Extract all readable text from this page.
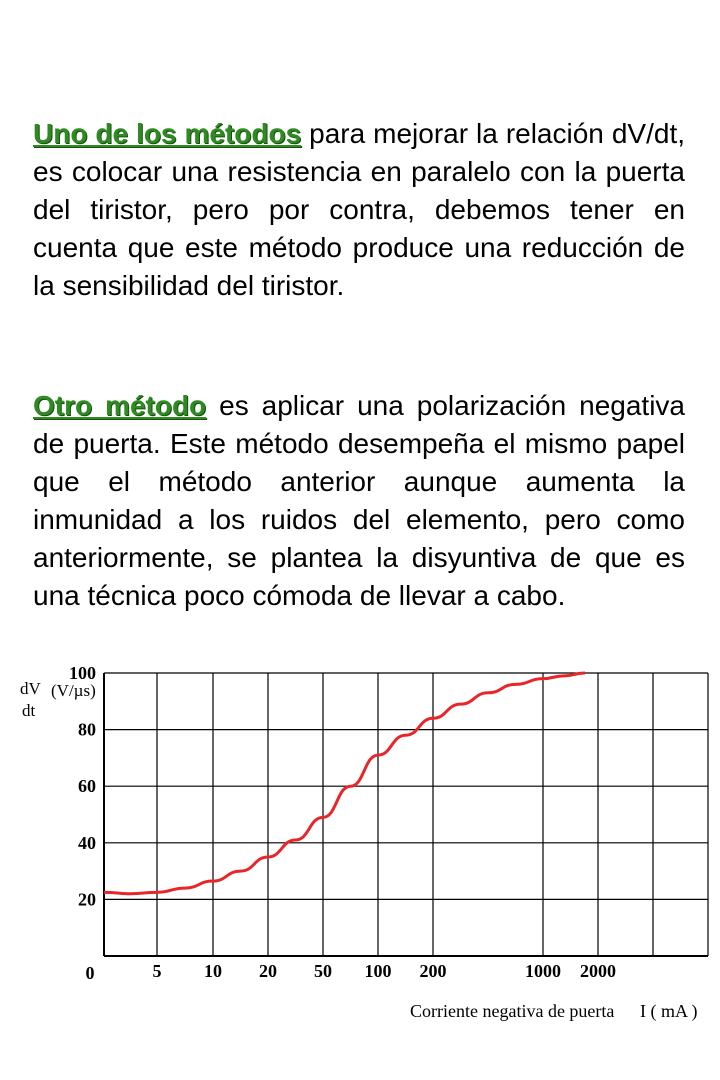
Uno de los métodos para mejorar la relación dV/dt, es colocar una resistencia en paralelo con la puerta del tiristor, pero por contra, debemos tener en cuenta que este método produce una reducción de la sensibilidad del tiristor.

Otro método es aplicar una polarización negativa de puerta. Este método desempeña el mismo papel que el método anterior aunque aumenta la inmunidad a los ruidos del elemento, pero como anteriormente, se plantea la disyuntiva de que es una técnica poco cómoda de llevar a cabo.

20
40
60
80
100
0	5 10 20 50 100 200	1000 2000
dV
dt
(V/µs)
Corriente negativa de puerta I ( mA )
